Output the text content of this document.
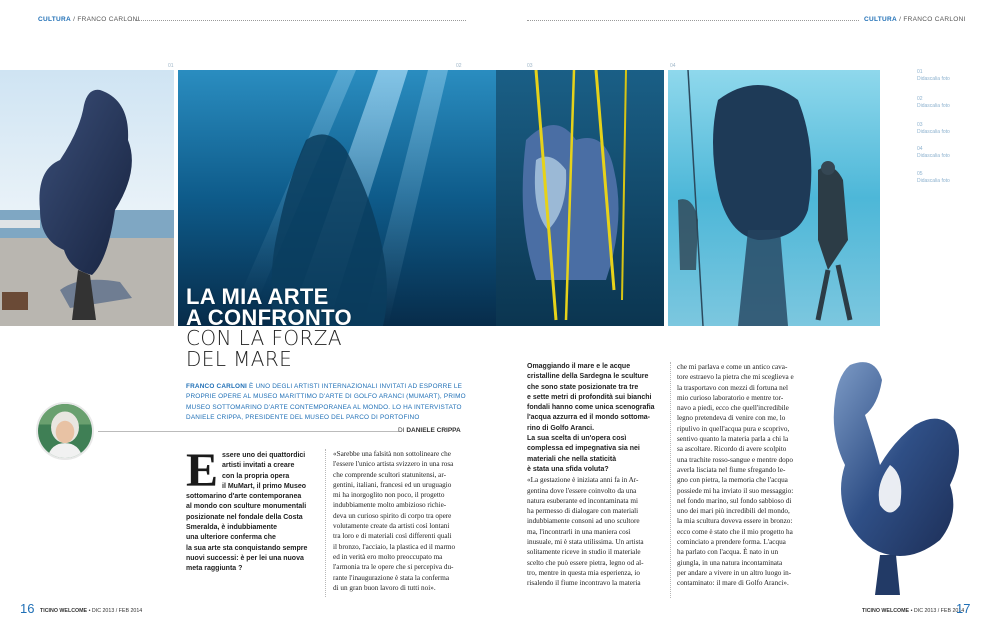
CULTURA / FRANCO CARLONI	CULTURA / FRANCO CARLONI
01	02	03	04
01
Didascalia foto
02
Didascalia foto
03
Didascalia foto
04
Didascalia foto
05
Didascalia foto
LA MIA ARTE
A CONFRONTO
CON LA FORZA
DEL MARE
FRANCO CARLONI È UNO DEGLI ARTISTI INTERNAZIONALI INVITATI AD ESPORRE LE
PROPRIE OPERE AL MUSEO MARITTIMO D'ARTE DI GOLFO ARANCI (MUMART), PRIMO
MUSEO SOTTOMARINO D'ARTE CONTEMPORANEA AL MONDO. LO HA INTERVISTATO
DANIELE CRIPPA, PRESIDENTE DEL MUSEO DEL PARCO DI PORTOFINO
DI DANIELE CRIPPA
E ssere uno dei quattordici
artisti invitati a creare
con la propria opera
il MuMart, il primo Museo
sottomarino d'arte contemporanea
al mondo con sculture monumentali
posizionate nel fondale della Costa
Smeralda, è indubbiamente
una ulteriore conferma che
la sua arte sta conquistando sempre
nuovi successi: è per lei una nuova
meta raggiunta ?
«Sarebbe una falsità non sottolineare che
l'essere l'unico artista svizzero in una rosa
che comprende scultori statunitensi, ar-
gentini, italiani, francesi ed un uruguagio
mi ha inorgoglito non poco, il progetto
indubbiamente molto ambizioso richie-
deva un curioso spirito di corpo tra opere
volutamente create da artisti così lontani
tra loro e di materiali così differenti quali
il bronzo, l'acciaio, la plastica ed il marmo
ed in verità ero molto preoccupato ma
l'armonia tra le opere che si percepiva du-
rante l'inaugurazione è stata la conferma
di un gran buon lavoro di tutti noi».
Omaggiando il mare e le acque
cristalline della Sardegna le sculture
che sono state posizionate tra tre
e sette metri di profondità sui bianchi
fondali hanno come unica scenografia
l'acqua azzurra ed il mondo sottoma-
rino di Golfo Aranci.
La sua scelta di un'opera così
complessa ed impegnativa sia nei
materiali che nella staticità
è stata una sfida voluta?
«La gestazione è iniziata anni fa in Ar-
gentina dove l'essere coinvolto da una
natura esuberante ed incontaminata mi
ha permesso di dialogare con materiali
indubbiamente consoni ad uno scultore
ma, l'incontrarli in una maniera così
inusuale, mi è stata utilissima. Un artista
solitamente riceve in studio il materiale
scelto che può essere pietra, legno od al-
tro, mentre in questa mia esperienza, io
risalendo il fiume incontravo la materia
che mi parlava e come un antico cava-
tore estraevo la pietra che mi sceglieva e
la trasportavo con mezzi di fortuna nel
mio curioso laboratorio e mentre tor-
navo a piedi, ecco che quell'incredibile
legno pretendeva di venire con me, lo
ripulivo in quell'acqua pura e scoprivo,
sentivo quanto la materia parla a chi la
sa ascoltare. Ricordo di avere scolpito
una trachite rosso-sangue e mentre dopo
averla lisciata nel fiume sfregando le-
gno con pietra, la memoria che l'acqua
possiede mi ha inviato il suo messaggio:
nel fondo marino, sul fondo sabbioso di
uno dei mari più incredibili del mondo,
la mia scultura doveva essere in bronzo:
ecco come è stato che il mio progetto ha
cominciato a prendere forma. L'acqua
ha parlato con l'acqua. È nato in un
giungla, in una natura incontaminata
per andare a vivere in un altro luogo in-
contaminato: il mare di Golfo Aranci».
16 TICINO WELCOME • DIC 2013 / FEB 2014	TICINO WELCOME • DIC 2013 / FEB 2014
17
